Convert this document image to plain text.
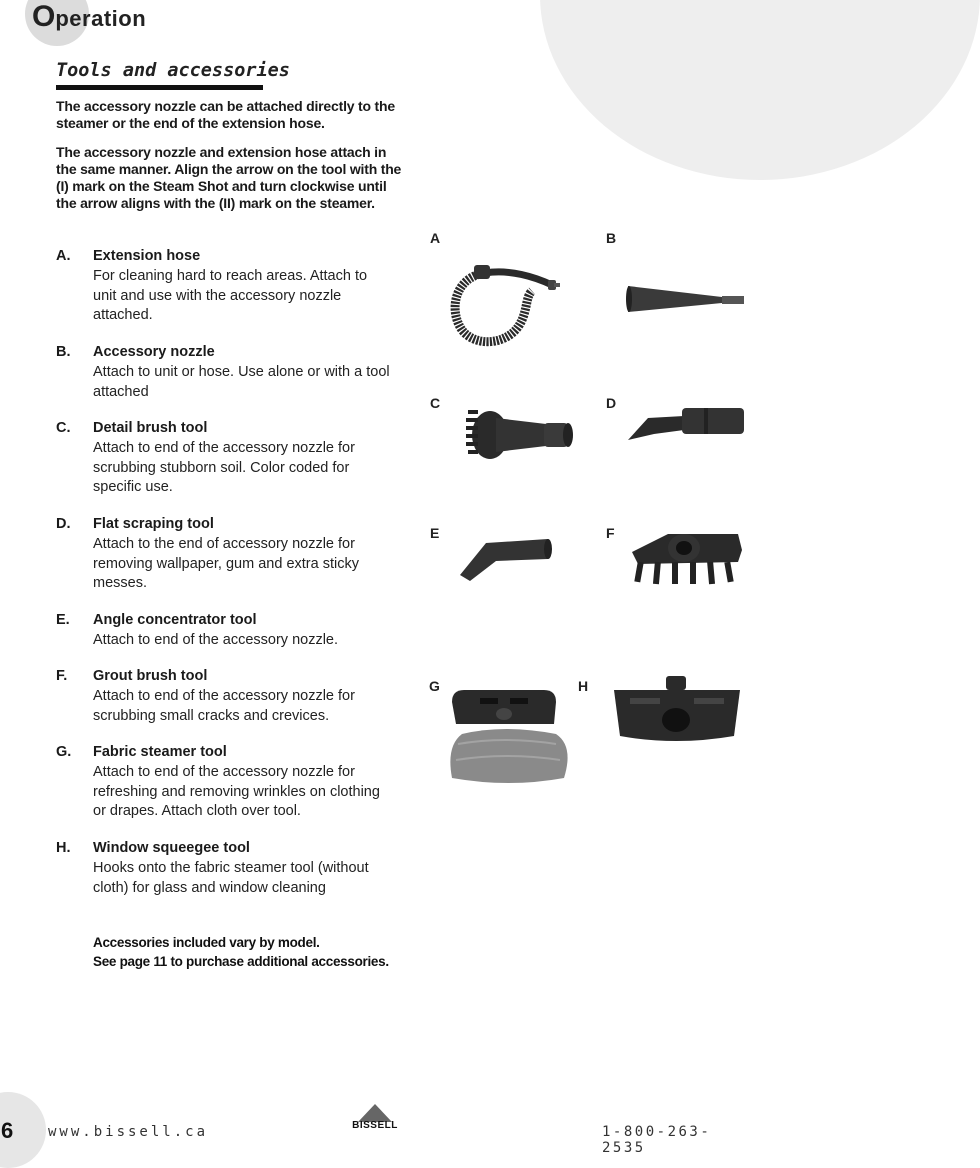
Operation
Tools and accessories
The accessory nozzle can be attached directly to the steamer or the end of the extension hose.
The accessory nozzle and extension hose attach in the same manner. Align the arrow on the tool with the (I) mark on the Steam Shot and turn clockwise until the arrow aligns with the (II) mark on the steamer.
A. Extension hose
For cleaning hard to reach areas. Attach to unit and use with the accessory nozzle attached.
B. Accessory nozzle
Attach to unit or hose. Use alone or with a tool attached
C. Detail brush tool
Attach to end of the accessory nozzle for scrubbing stubborn soil. Color coded for specific use.
D. Flat scraping tool
Attach to the end of accessory nozzle for removing wallpaper, gum and extra sticky messes.
E. Angle concentrator tool
Attach to end of the accessory nozzle.
F. Grout brush tool
Attach to end of the accessory nozzle for scrubbing small cracks and crevices.
G. Fabric steamer tool
Attach to end of the accessory nozzle for refreshing and removing wrinkles on clothing or drapes. Attach cloth over tool.
H. Window squeegee tool
Hooks onto the fabric steamer tool (without cloth) for glass and window cleaning
Accessories included vary by model.
See page 11 to purchase additional accessories.
A	B
C	D
E	F
G	H
6 www.bissell.ca	BISSELL	1-800-263-2535
